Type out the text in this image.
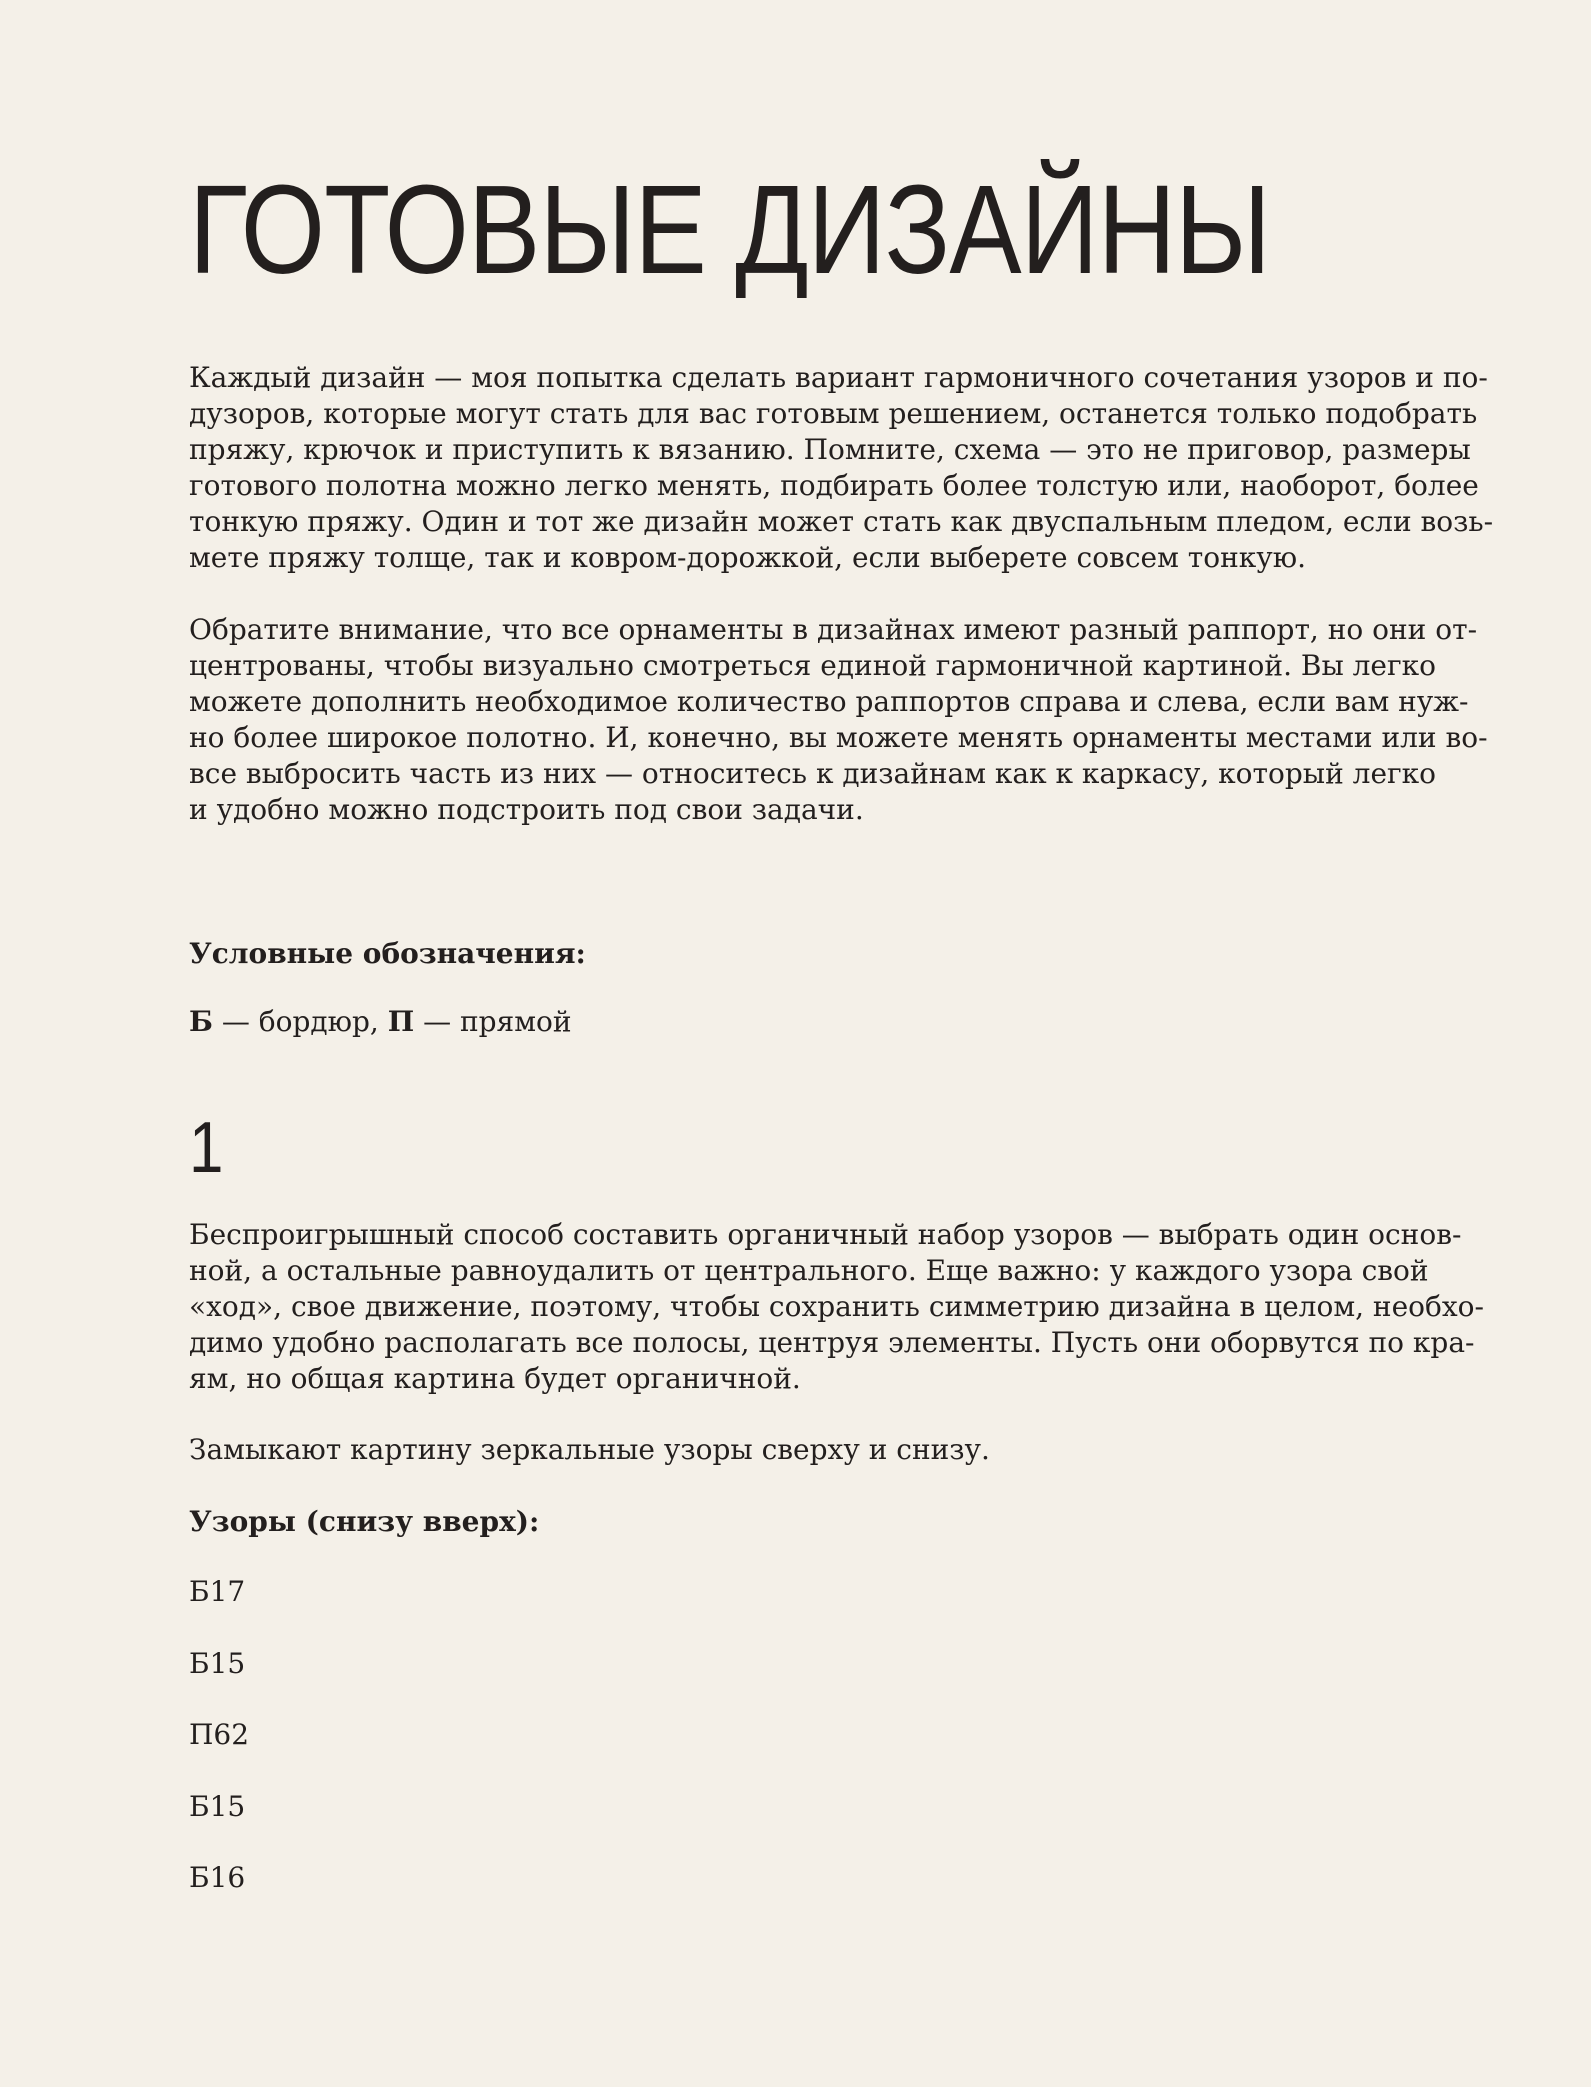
ГОТОВЫЕ ДИЗАЙНЫ

Каждый дизайн — моя попытка сделать вариант гармоничного сочетания узоров и по-

дузоров, которые могут стать для вас готовым решением, останется только подобрать

пряжу, крючок и приступить к вязанию. Помните, схема — это не приговор, размеры

готового полотна можно легко менять, подбирать более толстую или, наоборот, более

тонкую пряжу. Один и тот же дизайн может стать как двуспальным пледом, если возь-

мете пряжу толще, так и ковром-дорожкой, если выберете совсем тонкую.

Обратите внимание, что все орнаменты в дизайнах имеют разный раппорт, но они от-

центрованы, чтобы визуально смотреться единой гармоничной картиной. Вы легко

можете дополнить необходимое количество раппортов справа и слева, если вам нуж-

но более широкое полотно. И, конечно, вы можете менять орнаменты местами или во-

все выбросить часть из них — относитесь к дизайнам как к каркасу, который легко

и удобно можно подстроить под свои задачи.

Условные обозначения:

Б — бордюр, П — прямой

1

Беспроигрышный способ составить органичный набор узоров — выбрать один основ-

ной, а остальные равноудалить от центрального. Еще важно: у каждого узора свой

«ход», свое движение, поэтому, чтобы сохранить симметрию дизайна в целом, необхо-

димо удобно располагать все полосы, центруя элементы. Пусть они оборвутся по кра-

ям, но общая картина будет органичной.

Замыкают картину зеркальные узоры сверху и снизу.

Узоры (снизу вверх):

Б17
Б15
П62
Б15
Б16
